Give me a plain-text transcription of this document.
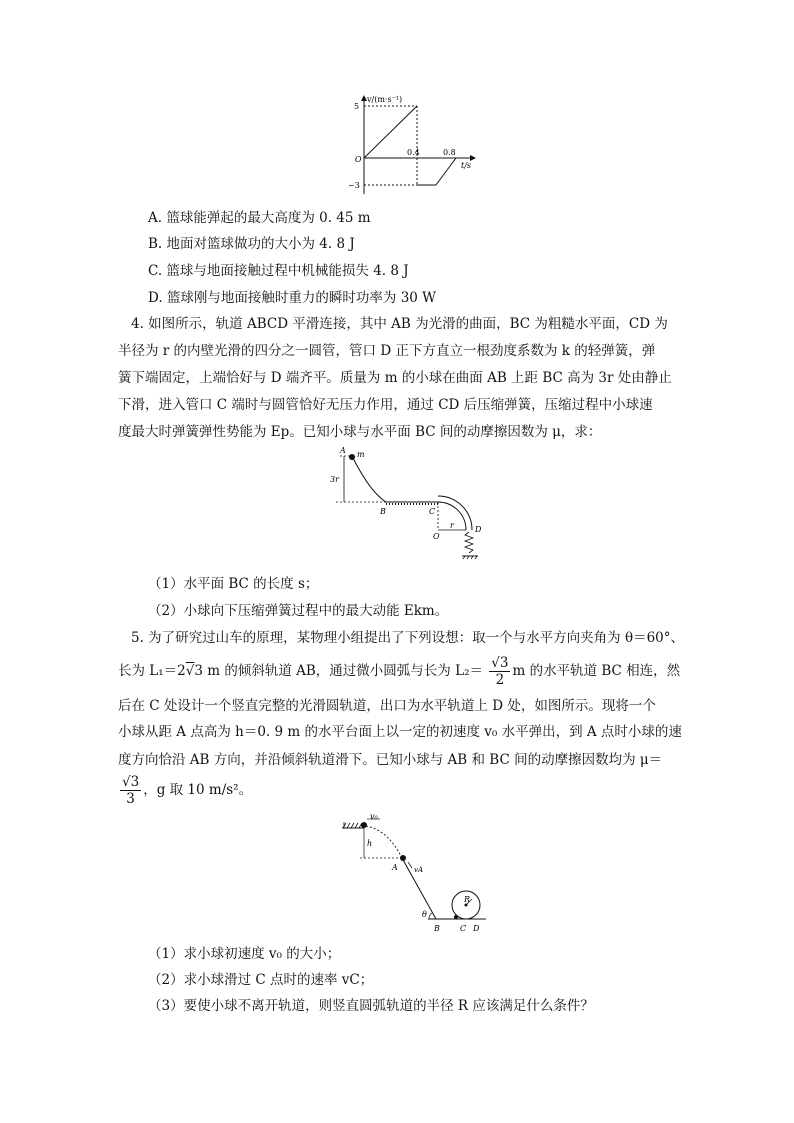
v/(m·s⁻¹)
t/s
5
−3
O
0.4	0.8
A. 篮球能弹起的最大高度为 0. 45 m
B. 地面对篮球做功的大小为 4. 8 J
C. 篮球与地面接触过程中机械能损失 4. 8 J
D. 篮球刚与地面接触时重力的瞬时功率为 30 W
4. 如图所示，轨道 ABCD 平滑连接，其中 AB 为光滑的曲面，BC 为粗糙水平面，CD 为
半径为 r 的内壁光滑的四分之一圆管，管口 D 正下方直立一根劲度系数为 k 的轻弹簧，弹
簧下端固定，上端恰好与 D 端齐平。质量为 m 的小球在曲面 AB 上距 BC 高为 3r 处由静止
下滑，进入管口 C 端时与圆管恰好无压力作用，通过 CD 后压缩弹簧，压缩过程中小球速
度最大时弹簧弹性势能为 Ep。已知小球与水平面 BC 间的动摩擦因数为 μ，求：
A m
3r
B	C
O
r	D
（1）水平面 BC 的长度 s；
（2）小球向下压缩弹簧过程中的最大动能 Ekm。
5. 为了研究过山车的原理，某物理小组提出了下列设想：取一个与水平方向夹角为 θ＝60°、
长为 L₁＝2√3 m 的倾斜轨道 AB，通过微小圆弧与长为 $L_2= \frac{√3}{2}$ m 的水平轨道 BC 相连，然
后在 C 处设计一个竖直完整的光滑圆轨道，出口为水平轨道上 D 处，如图所示。现将一个
小球从距 A 点高为 h＝0. 9 m 的水平台面上以一定的初速度 v₀ 水平弹出，到 A 点时小球的速
度方向恰沿 AB 方向，并沿倾斜轨道滑下。已知小球与 AB 和 BC 间的动摩擦因数均为 μ＝
$\frac{√3}{3}$ ，g 取 10 m/s²。
v₀
h
A vA
θ
B	C D
R
（1）求小球初速度 v₀ 的大小；
（2）求小球滑过 C 点时的速率 vC；
（3）要使小球不离开轨道，则竖直圆弧轨道的半径 R 应该满足什么条件？
